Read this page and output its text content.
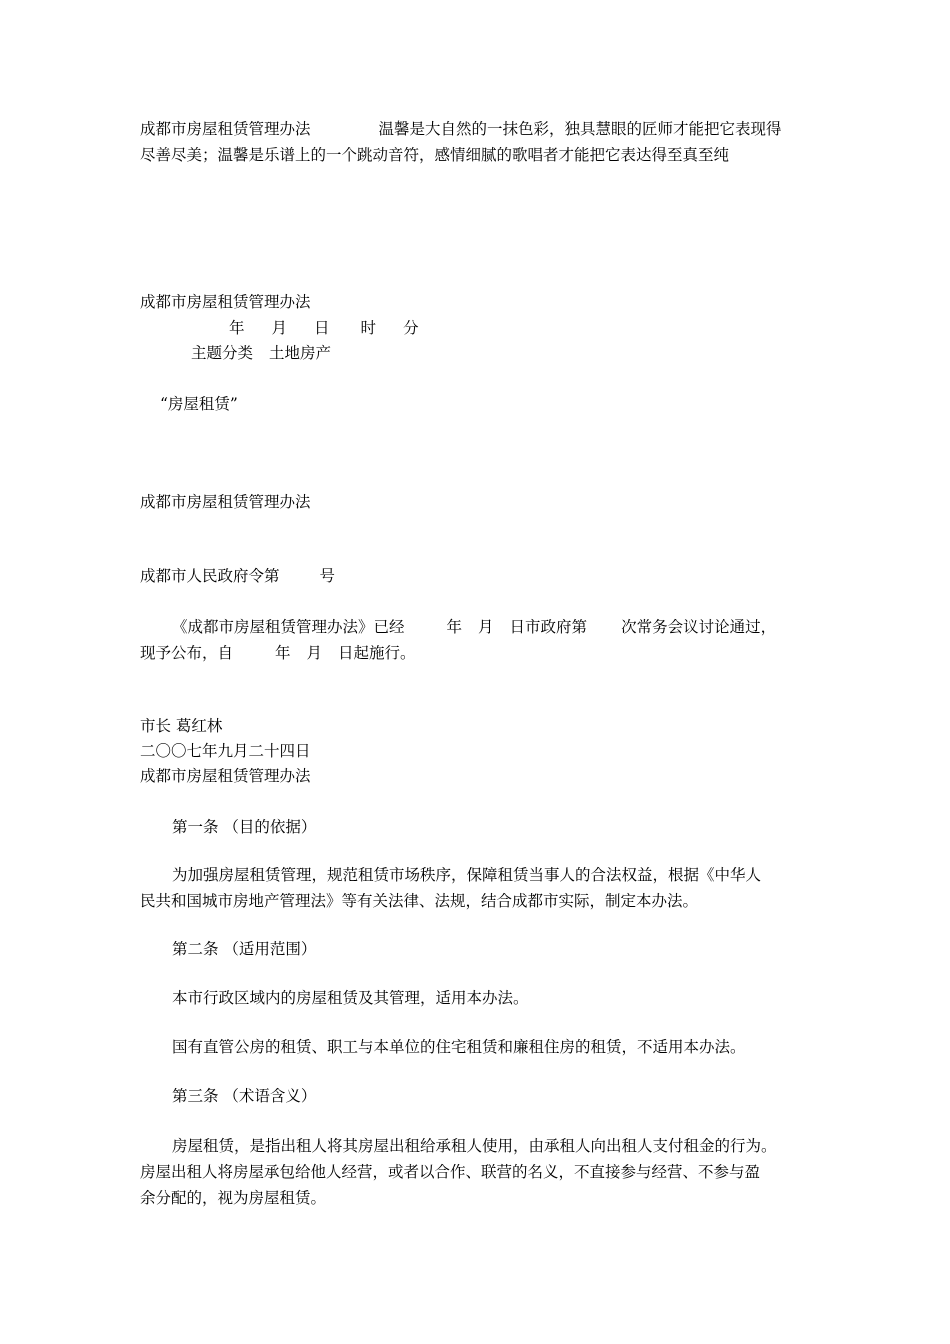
成都市房屋租赁管理办法	温馨是大自然的一抹色彩，独具慧眼的匠师才能把它表现得
尽善尽美；温馨是乐谱上的一个跳动音符，感情细腻的歌唱者才能把它表达得至真至纯
成都市房屋租赁管理办法
年 月 日 时 分
主题分类 土地房产
“房屋租赁”
成都市房屋租赁管理办法
成都市人民政府令第	号
《成都市房屋租赁管理办法》已经	年 月 日市政府第 次常务会议讨论通过，
现予公布，自	年 月 日起施行。
市长 葛红林
二〇〇七年九月二十四日
成都市房屋租赁管理办法
第一条 （目的依据）
为加强房屋租赁管理，规范租赁市场秩序，保障租赁当事人的合法权益，根据《中华人
民共和国城市房地产管理法》等有关法律、法规，结合成都市实际，制定本办法。
第二条 （适用范围）
本市行政区域内的房屋租赁及其管理，适用本办法。
国有直管公房的租赁、职工与本单位的住宅租赁和廉租住房的租赁，不适用本办法。
第三条 （术语含义）
房屋租赁，是指出租人将其房屋出租给承租人使用，由承租人向出租人支付租金的行为。
房屋出租人将房屋承包给他人经营，或者以合作、联营的名义，不直接参与经营、不参与盈
余分配的，视为房屋租赁。
